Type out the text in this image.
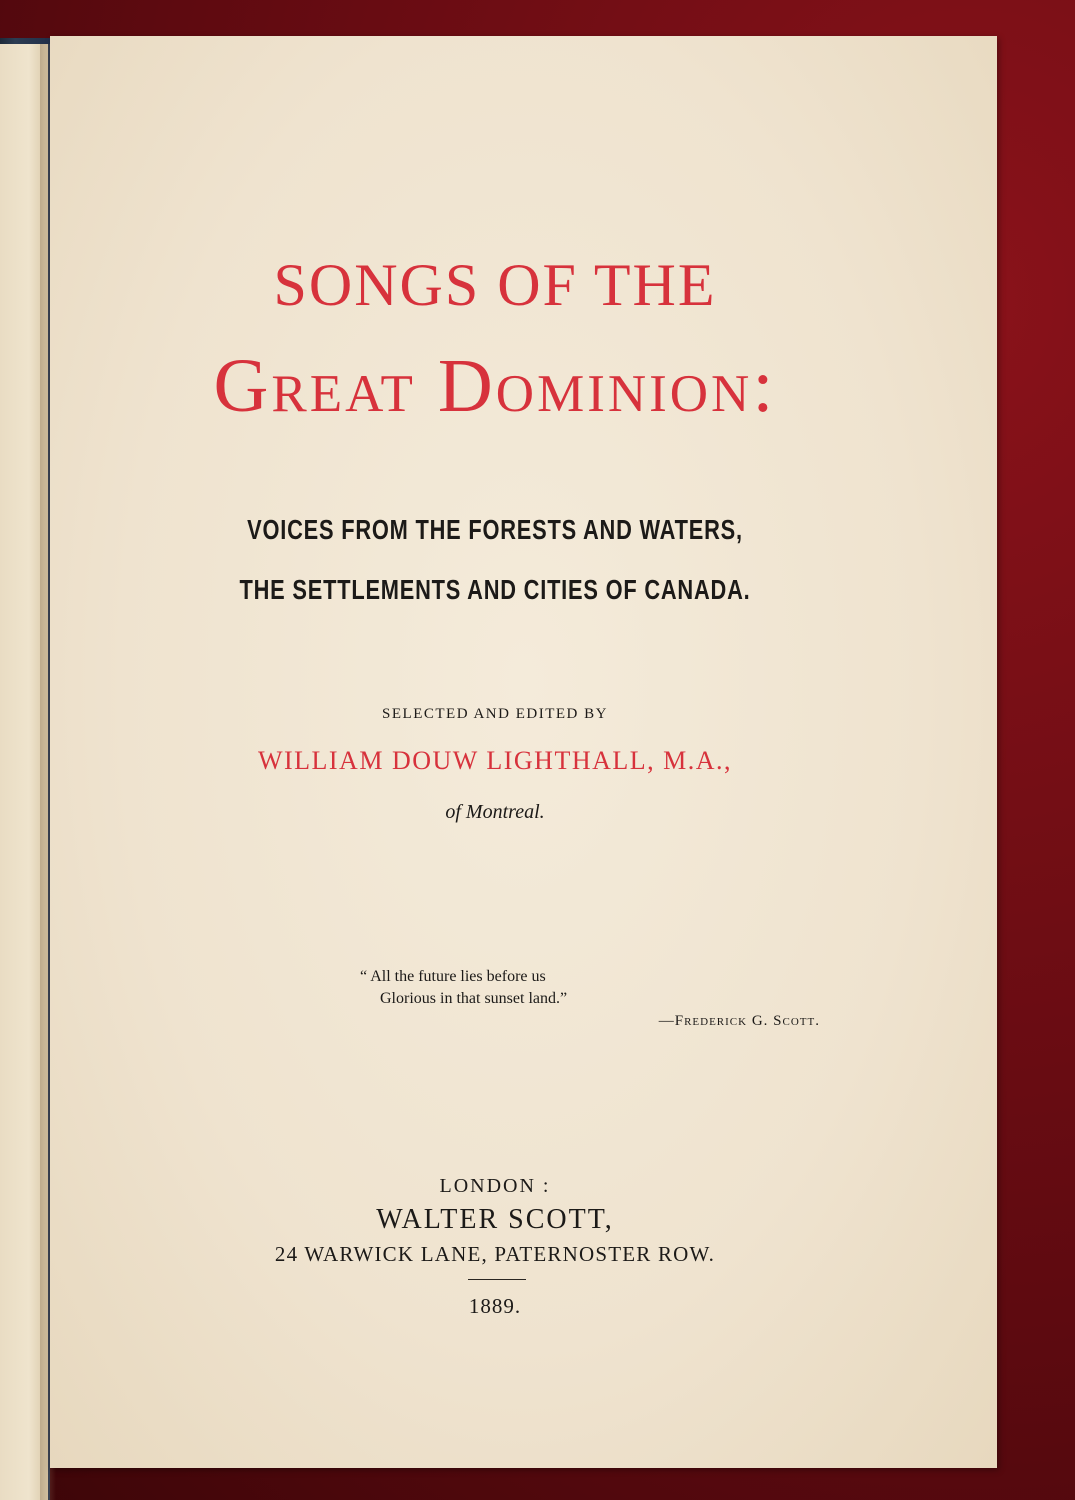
SONGS OF THE
Great Dominion:
VOICES FROM THE FORESTS AND WATERS,
THE SETTLEMENTS AND CITIES OF CANADA.
SELECTED AND EDITED BY
WILLIAM DOUW LIGHTHALL, M.A.,
of Montreal.
“ All the future lies before us
Glorious in that sunset land.”
—Frederick G. Scott.
LONDON :
WALTER SCOTT,
24 WARWICK LANE, PATERNOSTER ROW.
1889.
